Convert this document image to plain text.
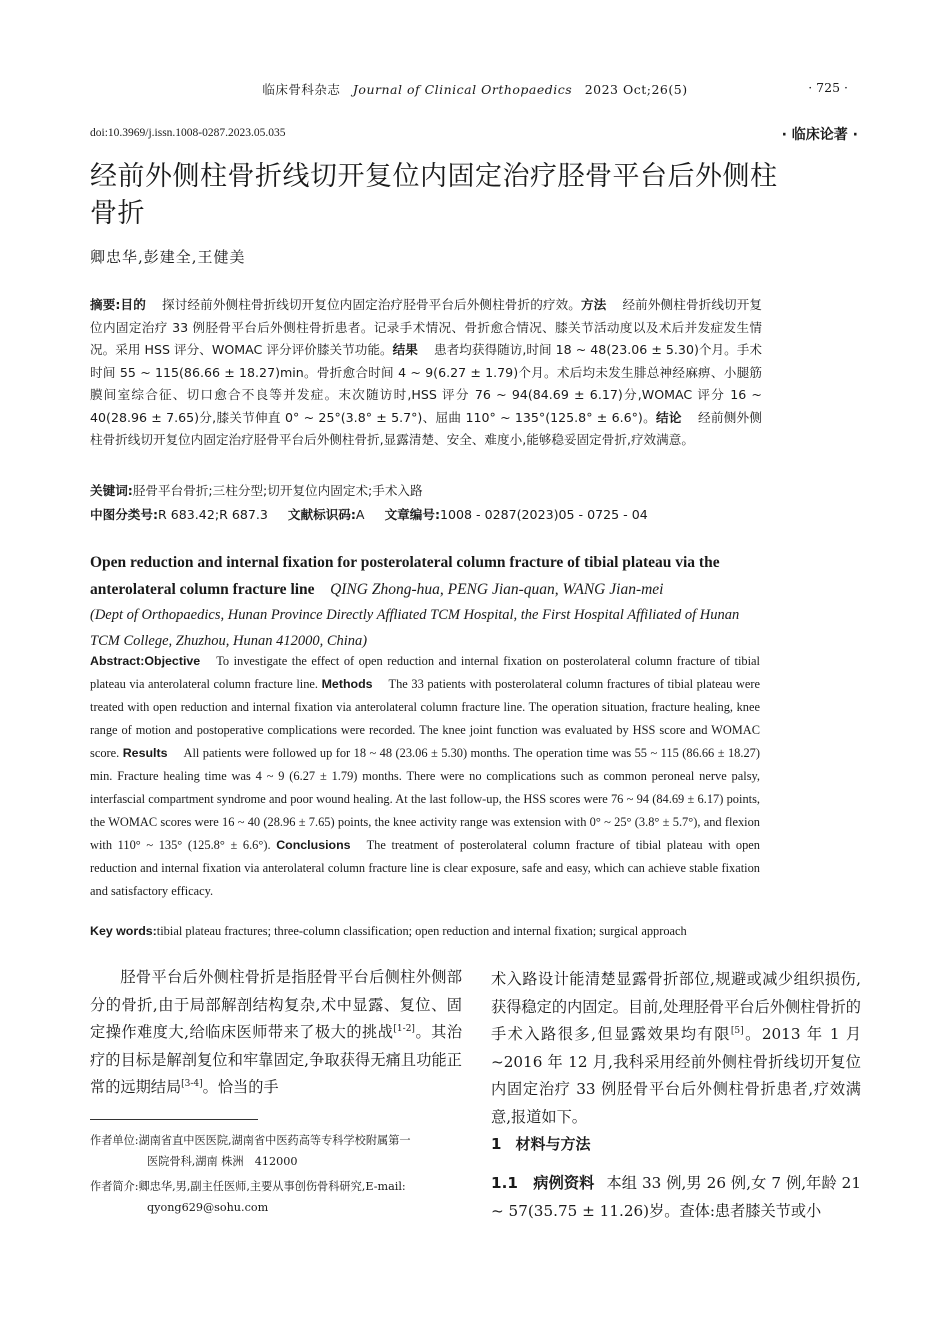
临床骨科杂志 Journal of Clinical Orthopaedics 2023 Oct;26(5)	· 725 ·
doi:10.3969/j.issn.1008-0287.2023.05.035	· 临床论著 ·
经前外侧柱骨折线切开复位内固定治疗胫骨平台后外侧柱骨折
卿忠华,彭建全,王健美
摘要:目的 探讨经前外侧柱骨折线切开复位内固定治疗胫骨平台后外侧柱骨折的疗效。方法 经前外侧柱骨折线切开复位内固定治疗 33 例胫骨平台后外侧柱骨折患者。记录手术情况、骨折愈合情况、膝关节活动度以及术后并发症发生情况。采用 HSS 评分、WOMAC 评分评价膝关节功能。结果 患者均获得随访,时间 18 ~ 48(23.06 ± 5.30)个月。手术时间 55 ~ 115(86.66 ± 18.27)min。骨折愈合时间 4 ~ 9(6.27 ± 1.79)个月。术后均未发生腓总神经麻痹、小腿筋膜间室综合征、切口愈合不良等并发症。末次随访时,HSS 评分 76 ~ 94(84.69 ± 6.17)分,WOMAC 评分 16 ~ 40(28.96 ± 7.65)分,膝关节伸直 0° ~ 25°(3.8° ± 5.7°)、屈曲 110° ~ 135°(125.8° ± 6.6°)。结论 经前侧外侧柱骨折线切开复位内固定治疗胫骨平台后外侧柱骨折,显露清楚、安全、难度小,能够稳妥固定骨折,疗效满意。
关键词:胫骨平台骨折;三柱分型;切开复位内固定术;手术入路
中图分类号:R 683.42;R 687.3 文献标识码:A 文章编号:1008 - 0287(2023)05 - 0725 - 04
Open reduction and internal fixation for posterolateral column fracture of tibial plateau via the anterolateral column fracture line QING Zhong-hua, PENG Jian-quan, WANG Jian-mei
(Dept of Orthopaedics, Hunan Province Directly Affliated TCM Hospital, the First Hospital Affiliated of Hunan TCM College, Zhuzhou, Hunan 412000, China)
Abstract:Objective To investigate the effect of open reduction and internal fixation on posterolateral column fracture of tibial plateau via anterolateral column fracture line. Methods The 33 patients with posterolateral column fractures of tibial plateau were treated with open reduction and internal fixation via anterolateral column fracture line. The operation situation, fracture healing, knee range of motion and postoperative complications were recorded. The knee joint function was evaluated by HSS score and WOMAC score. Results All patients were followed up for 18 ~ 48 (23.06 ± 5.30) months. The operation time was 55 ~ 115 (86.66 ± 18.27) min. Fracture healing time was 4 ~ 9 (6.27 ± 1.79) months. There were no complications such as common peroneal nerve palsy, interfascial compartment syndrome and poor wound healing. At the last follow-up, the HSS scores were 76 ~ 94 (84.69 ± 6.17) points, the WOMAC scores were 16 ~ 40 (28.96 ± 7.65) points, the knee activity range was extension with 0° ~ 25° (3.8° ± 5.7°), and flexion with 110° ~ 135° (125.8° ± 6.6°). Conclusions The treatment of posterolateral column fracture of tibial plateau with open reduction and internal fixation via anterolateral column fracture line is clear exposure, safe and easy, which can achieve stable fixation and satisfactory efficacy.
Key words:tibial plateau fractures; three-column classification; open reduction and internal fixation; surgical approach
胫骨平台后外侧柱骨折是指胫骨平台后侧柱外侧部分的骨折,由于局部解剖结构复杂,术中显露、复位、固定操作难度大,给临床医师带来了极大的挑战[1-2]。其治疗的目标是解剖复位和牢靠固定,争取获得无痛且功能正常的远期结局[3-4]。恰当的手
作者单位:湖南省直中医医院,湖南省中医药高等专科学校附属第一
医院骨科,湖南 株洲　412000
作者简介:卿忠华,男,副主任医师,主要从事创伤骨科研究,E-mail:
qyong629@sohu.com
术入路设计能清楚显露骨折部位,规避或减少组织损伤,获得稳定的内固定。目前,处理胫骨平台后外侧柱骨折的手术入路很多,但显露效果均有限[5]。2013 年 1 月 ~2016 年 12 月,我科采用经前外侧柱骨折线切开复位内固定治疗 33 例胫骨平台后外侧柱骨折患者,疗效满意,报道如下。
1 材料与方法
1.1　病例资料 本组 33 例,男 26 例,女 7 例,年龄 21 ~ 57(35.75 ± 11.26)岁。查体:患者膝关节或小
